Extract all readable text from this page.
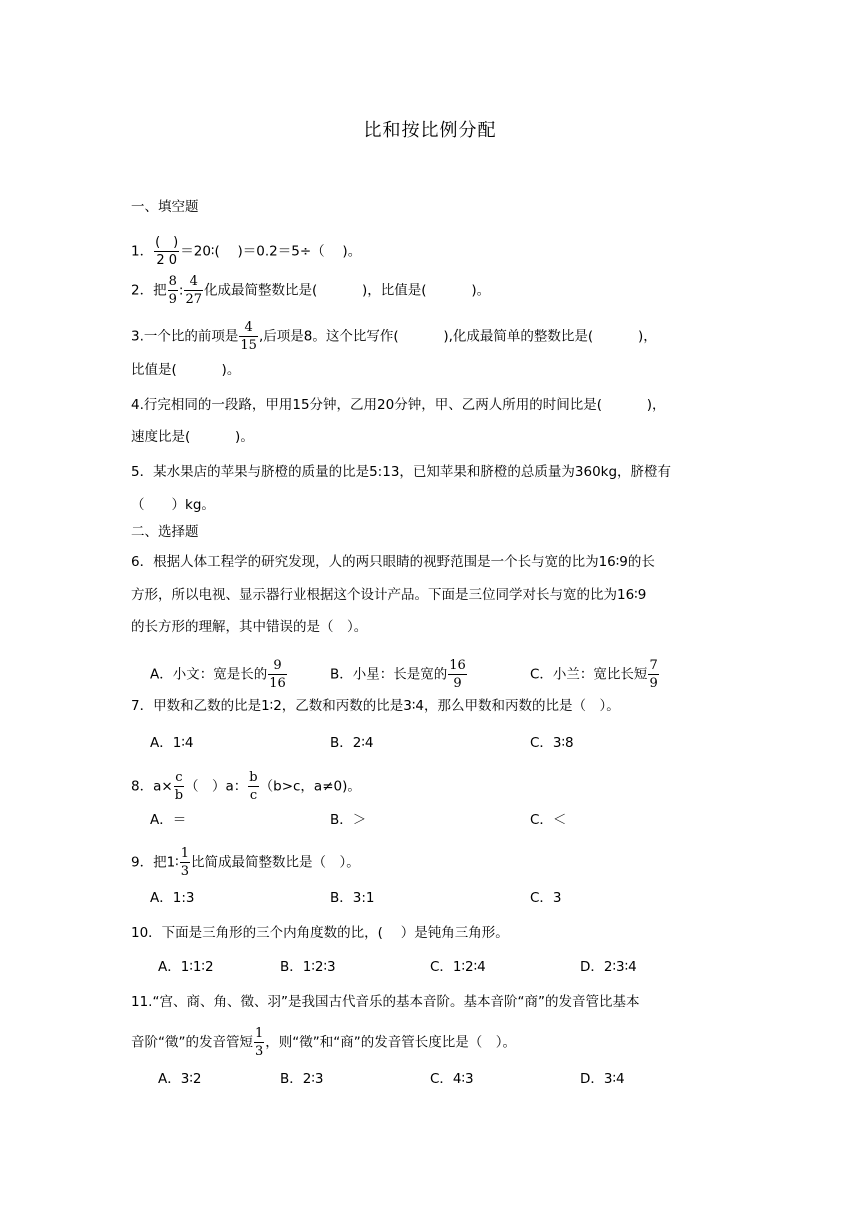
比和按比例分配
一、填空题
1． $\frac{( )}{2 0}$ ＝20∶(　 )＝0.2＝5÷（ 　)。
2．把 $\frac{8}{9}$ : $\frac{4}{27}$ 化成最简整数比是(　　　 )，比值是(　　　 )。
3.一个比的前项是 $\frac{4}{15}$ ,后项是8。这个比写作(　　　 ),化成最简单的整数比是(　　　 )，
比值是(　　　 )。
4.行完相同的一段路，甲用15分钟，乙用20分钟，甲、乙两人所用的时间比是(　　　 )，
速度比是(　　　 )。
5．某水果店的苹果与脐橙的质量的比是5:13，已知苹果和脐橙的总质量为360kg，脐橙有
（　　）kg。
二、选择题
6．根据人体工程学的研究发现，人的两只眼睛的视野范围是一个长与宽的比为16∶9的长
方形，所以电视、显示器行业根据这个设计产品。下面是三位同学对长与宽的比为16∶9
的长方形的理解，其中错误的是（　）。
A．小文：宽是长的 $\frac{9}{16}$	B．小星：长是宽的 $\frac{16}{9}$	C．小兰：宽比长短 $\frac{7}{9}$
7．甲数和乙数的比是1∶2，乙数和丙数的比是3∶4，那么甲数和丙数的比是（　）。
A．1∶4	B．2∶4	C．3∶8
8．$a\times \frac{c}{b}$ （　）a： $\frac{b}{c} (b>c$，a≠0)。
A．＝	B．＞	C．＜
9．把1∶ $\frac{1}{3}$ 比简成最简整数比是（　）。
A．1:3	B．3:1	C．3
10．下面是三角形的三个内角度数的比，(　 ）是钝角三角形。
A．1∶1∶2	B．1∶2∶3	C．1∶2∶4	D．2∶3∶4
11.“宫、商、角、徵、羽”是我国古代音乐的基本音阶。基本音阶“商”的发音管比基本
音阶“徵”的发音管短 $\frac{1}{3}$ ，则“徵”和“商”的发音管长度比是（　）。
A．3∶2	B．2∶3	C．4∶3	D．3∶4
